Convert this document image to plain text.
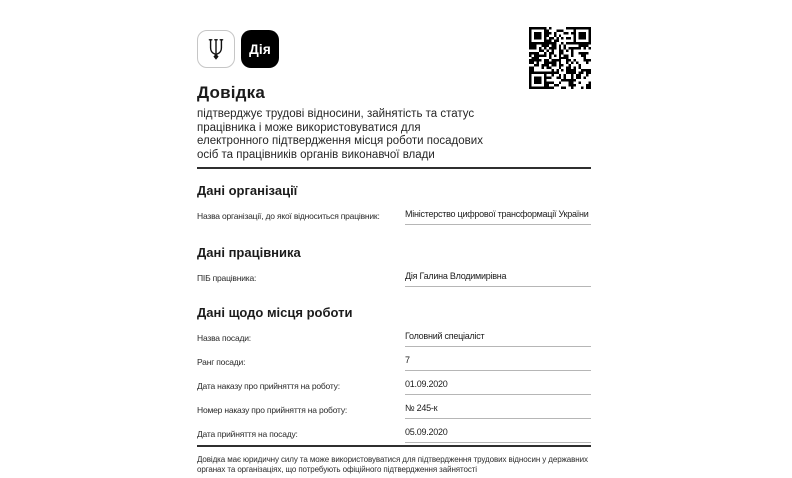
Дія
Довідка
підтверджує трудові відносини, зайнятість та статус
працівника і може використовуватися для
електронного підтвердження місця роботи посадових
осіб та працівників органів виконавчої влади
Дані організації
Назва організації, до якої відноситься працівник:	Міністерство цифрової трансформації України
Дані працівника
ПІБ працівника:	Дія Галина Влодимирівна
Дані щодо місця роботи
Назва посади:	Головний спеціаліст
Ранг посади:	7
Дата наказу про прийняття на роботу:	01.09.2020
Номер наказу про прийняття на роботу:	№ 245-к
Дата прийняття на посаду:	05.09.2020
Довідка має юридичну силу та може використовуватися для підтвердження трудових відносин у державних
органах та організаціях, що потребують офіційного підтвердження зайнятості
